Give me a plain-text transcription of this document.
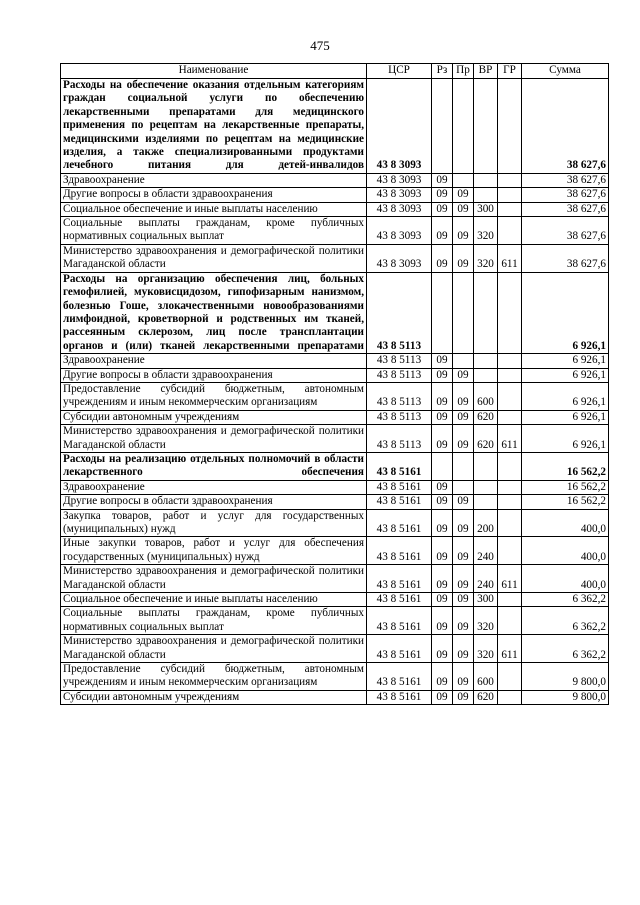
475
Наименование	ЦСР	Рз	Пр	ВР	ГР	Сумма
Расходы на обеспечение оказания отдельным категориям граждан социальной услуги по обеспечению лекарственными препаратами для медицинского применения по рецептам на лекарственные препараты, медицинскими изделиями по рецептам на медицинские изделия, а также специализированными продуктами лечебного питания для детей-инвалидов	43 8 3093					38 627,6
Здравоохранение	43 8 3093	09				38 627,6
Другие вопросы в области здравоохранения	43 8 3093	09	09			38 627,6
Социальное обеспечение и иные выплаты населению	43 8 3093	09	09	300		38 627,6
Социальные выплаты гражданам, кроме публичных нормативных социальных выплат	43 8 3093	09	09	320		38 627,6
Министерство здравоохранения и демографической политики Магаданской области	43 8 3093	09	09	320	611	38 627,6
Расходы на организацию обеспечения лиц, больных гемофилией, муковисцидозом, гипофизарным нанизмом, болезнью Гоше, злокачественными новообразованиями лимфоидной, кроветворной и родственных им тканей, рассеянным склерозом, лиц после трансплантации органов и (или) тканей лекарственными препаратами	43 8 5113					6 926,1
Здравоохранение	43 8 5113	09				6 926,1
Другие вопросы в области здравоохранения	43 8 5113	09	09			6 926,1
Предоставление субсидий бюджетным, автономным учреждениям и иным некоммерческим организациям	43 8 5113	09	09	600		6 926,1
Субсидии автономным учреждениям	43 8 5113	09	09	620		6 926,1
Министерство здравоохранения и демографической политики Магаданской области	43 8 5113	09	09	620	611	6 926,1
Расходы на реализацию отдельных полномочий в области лекарственного обеспечения	43 8 5161					16 562,2
Здравоохранение	43 8 5161	09				16 562,2
Другие вопросы в области здравоохранения	43 8 5161	09	09			16 562,2
Закупка товаров, работ и услуг для государственных (муниципальных) нужд	43 8 5161	09	09	200		400,0
Иные закупки товаров, работ и услуг для обеспечения государственных (муниципальных) нужд	43 8 5161	09	09	240		400,0
Министерство здравоохранения и демографической политики Магаданской области	43 8 5161	09	09	240	611	400,0
Социальное обеспечение и иные выплаты населению	43 8 5161	09	09	300		6 362,2
Социальные выплаты гражданам, кроме публичных нормативных социальных выплат	43 8 5161	09	09	320		6 362,2
Министерство здравоохранения и демографической политики Магаданской области	43 8 5161	09	09	320	611	6 362,2
Предоставление субсидий бюджетным, автономным учреждениям и иным некоммерческим организациям	43 8 5161	09	09	600		9 800,0
Субсидии автономным учреждениям	43 8 5161	09	09	620		9 800,0
